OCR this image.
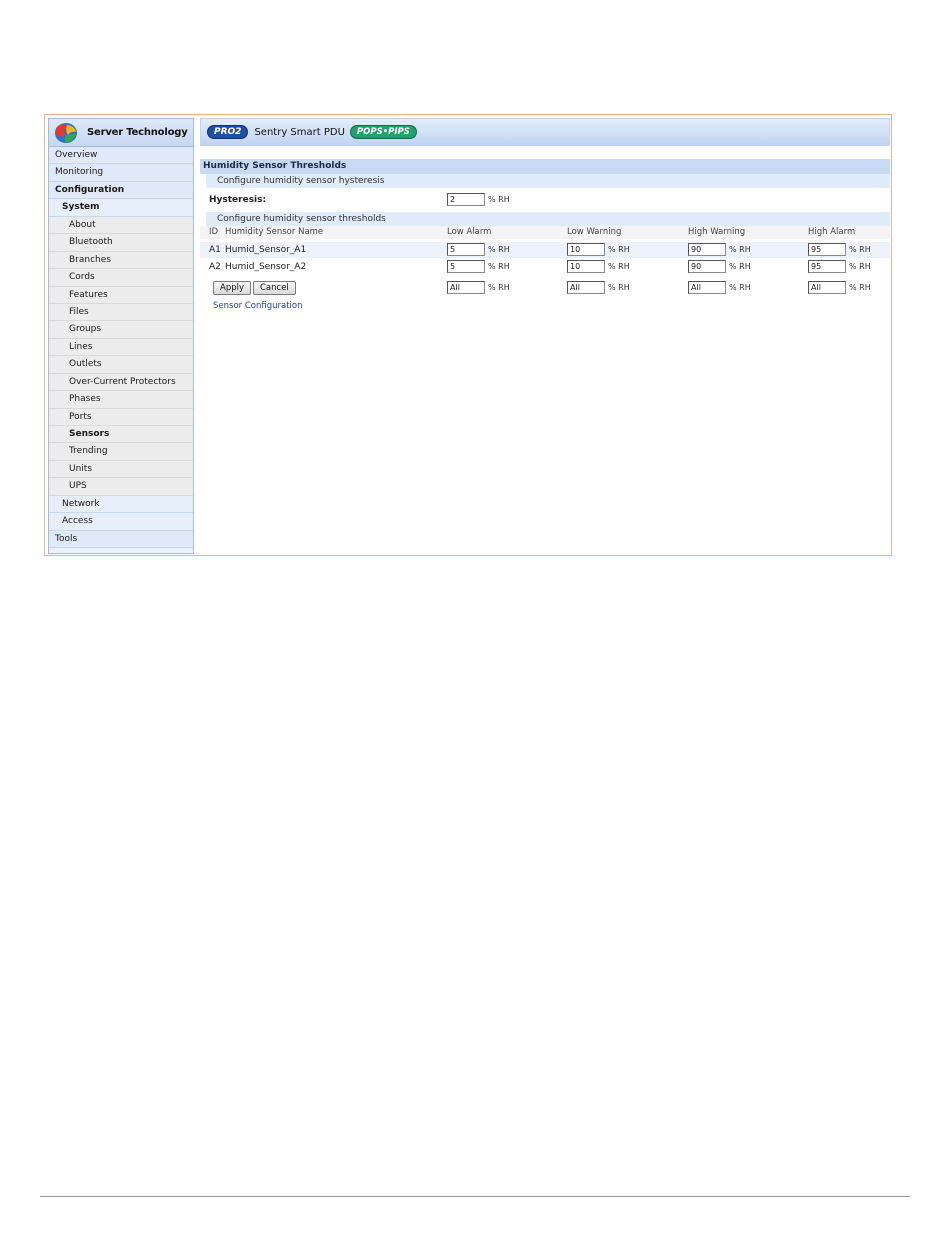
Server Technology
Overview
Monitoring
Configuration
System
About
Bluetooth
Branches
Cords
Features
Files
Groups
Lines
Outlets
Over-Current Protectors
Phases
Ports
Sensors
Trending
Units
UPS
Network
Access
Tools
PRO2	Sentry Smart PDU	POPS•PIPS
Humidity Sensor Thresholds
Configure humidity sensor hysteresis
Hysteresis:	2	% RH
Configure humidity sensor thresholds
ID Humidity Sensor Name	Low Alarm	Low Warning	High Warning	High Alarm
A1 Humid_Sensor_A1	5	% RH	10	% RH	90	% RH	95	% RH
A2 Humid_Sensor_A2	5	% RH	10	% RH	90	% RH	95	% RH
Apply	Cancel	All	% RH	All	% RH	All	% RH	All	% RH
Sensor Configuration
